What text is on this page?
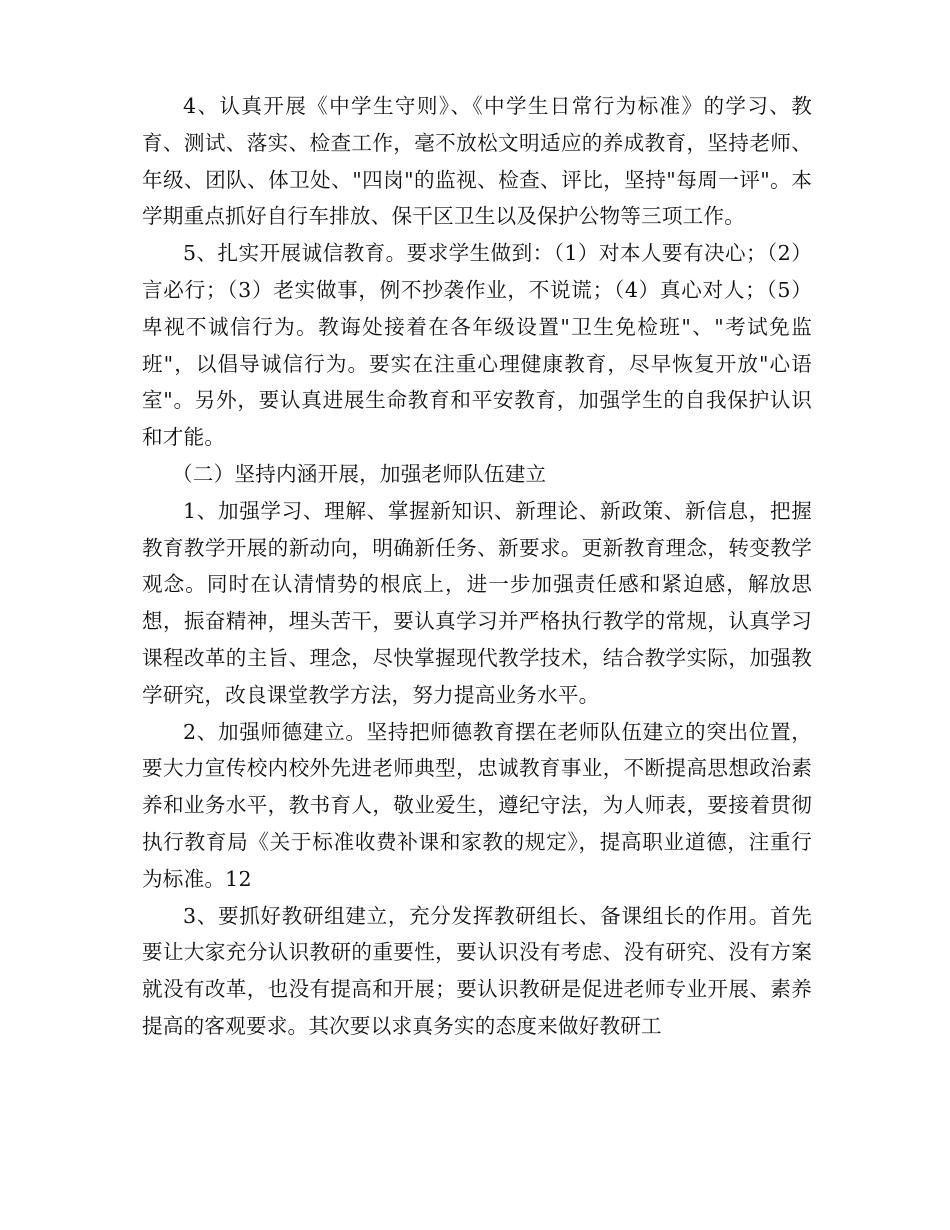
4、认真开展《中学生守则》、《中学生日常行为标准》的学习、教育、测试、落实、检查工作，毫不放松文明适应的养成教育，坚持老师、年级、团队、体卫处、"四岗"的监视、检查、评比，坚持"每周一评"。本学期重点抓好自行车排放、保干区卫生以及保护公物等三项工作。

5、扎实开展诚信教育。要求学生做到：（1）对本人要有决心；（2）言必行；（3）老实做事，例不抄袭作业，不说谎；（4）真心对人；（5）卑视不诚信行为。教诲处接着在各年级设置"卫生免检班"、"考试免监班"，以倡导诚信行为。要实在注重心理健康教育，尽早恢复开放"心语室"。另外，要认真进展生命教育和平安教育，加强学生的自我保护认识和才能。

（二）坚持内涵开展，加强老师队伍建立

1、加强学习、理解、掌握新知识、新理论、新政策、新信息，把握教育教学开展的新动向，明确新任务、新要求。更新教育理念，转变教学观念。同时在认清情势的根底上，进一步加强责任感和紧迫感，解放思想，振奋精神，埋头苦干，要认真学习并严格执行教学的常规，认真学习课程改革的主旨、理念，尽快掌握现代教学技术，结合教学实际，加强教学研究，改良课堂教学方法，努力提高业务水平。

2、加强师德建立。坚持把师德教育摆在老师队伍建立的突出位置，要大力宣传校内校外先进老师典型，忠诚教育事业，不断提高思想政治素养和业务水平，教书育人，敬业爱生，遵纪守法，为人师表，要接着贯彻执行教育局《关于标准收费补课和家教的规定》，提高职业道德，注重行为标准。12

3、要抓好教研组建立，充分发挥教研组长、备课组长的作用。首先要让大家充分认识教研的重要性，要认识没有考虑、没有研究、没有方案就没有改革，也没有提高和开展；要认识教研是促进老师专业开展、素养提高的客观要求。其次要以求真务实的态度来做好教研工
